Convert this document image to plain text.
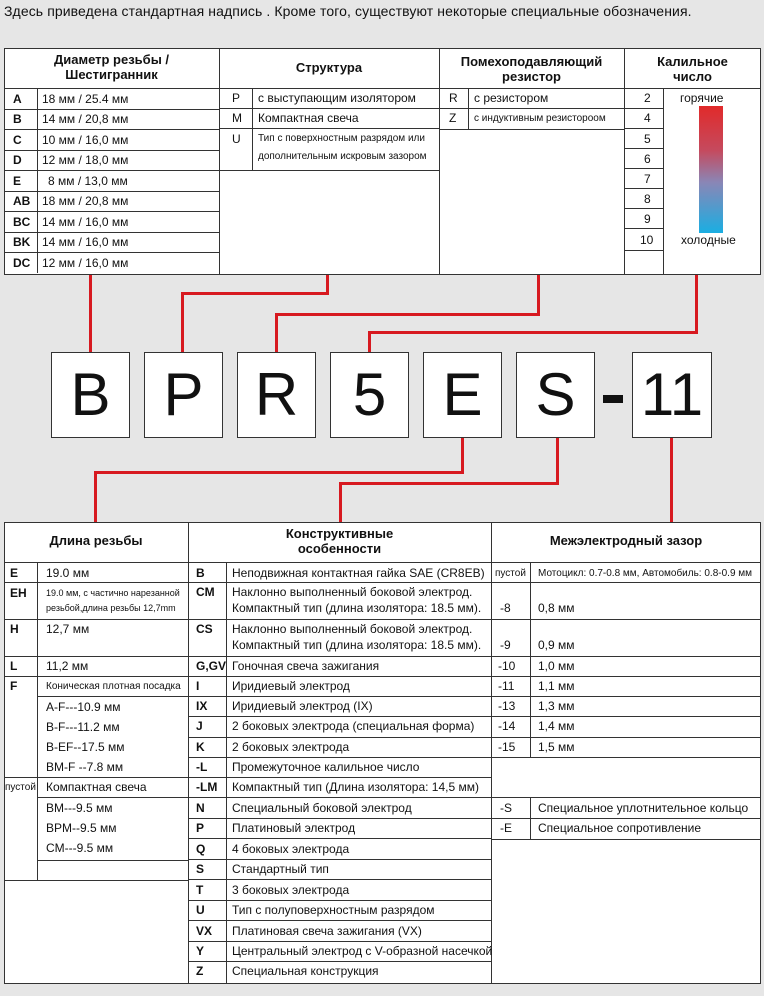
Здесь приведена стандартная надпись . Кроме того, существуют некоторые специальные обозначения.
Диаметр резьбы /
Шестигранник	Структура	Помехоподавляющий
резистор
Калильное
число
A 18 мм / 25.4 мм
B 14 мм / 20,8 мм
C 10 мм / 16,0 мм
D 12 мм / 18,0 мм
E 8 мм / 13,0 мм
AB 18 мм / 20,8 мм
BC 14 мм / 16,0 мм
BK 14 мм / 16,0 мм
DC 12 мм / 16,0 мм
P с выступающим изолятором
M Компактная свеча
U Тип с поверхностным разрядом или
дополнительным искровым зазором
R с резистором
Z с индуктивным резистороом
2
4
5
6
7
8
9
10
горячие
холодные
B P R 5 E S	11
Длина резьбы	Конструктивные
особенности
Межэлектродный зазор
E 19.0 мм
EH 19.0 мм, с частично нарезанной
резьбой,длина резьбы 12,7mm
H 12,7 мм
L 11,2 мм
F	Коническая плотная посадка
A-F---10.9 мм
B-F---11.2 мм
B-EF--17.5 мм
BM-F --7.8 мм
пустой Компактная свеча
BM---9.5 мм
BPM--9.5 мм
CM---9.5 мм
B Неподвижная контактная гайка SAE (CR8EB)
CM Наклонно выполненный боковой электрод.
Компактный тип (длина изолятора: 18.5 мм).
CS Наклонно выполненный боковой электрод.
Компактный тип (длина изолятора: 18.5 мм).
G,GV Гоночная свеча зажигания
I	Иридиевый электрод
IX Иридиевый электрод (IX)
J 2 боковых электрода (специальная форма)
K 2 боковых электрода
-L Промежуточное калильное число
-LM Компактный тип (Длина изолятора: 14,5 мм)
N Специальный боковой электрод
P Платиновый электрод
Q 4 боковых электрода
S Стандартный тип
T 3 боковых электрода
U Тип с полуповерхностным разрядом
VX Платиновая свеча зажигания (VX)
Y Центральный электрод с V-образной насечкой
Z Специальная конструкция
пустой Мотоцикл: 0.7-0.8 мм, Автомобиль: 0.8-0.9 мм
-8 0,8 мм
-9 0,9 мм
-10 1,0 мм
-11 1,1 мм
-13 1,3 мм
-14 1,4 мм
-15 1,5 мм
-S Специальное уплотнительное кольцо
-E Специальное сопротивление
